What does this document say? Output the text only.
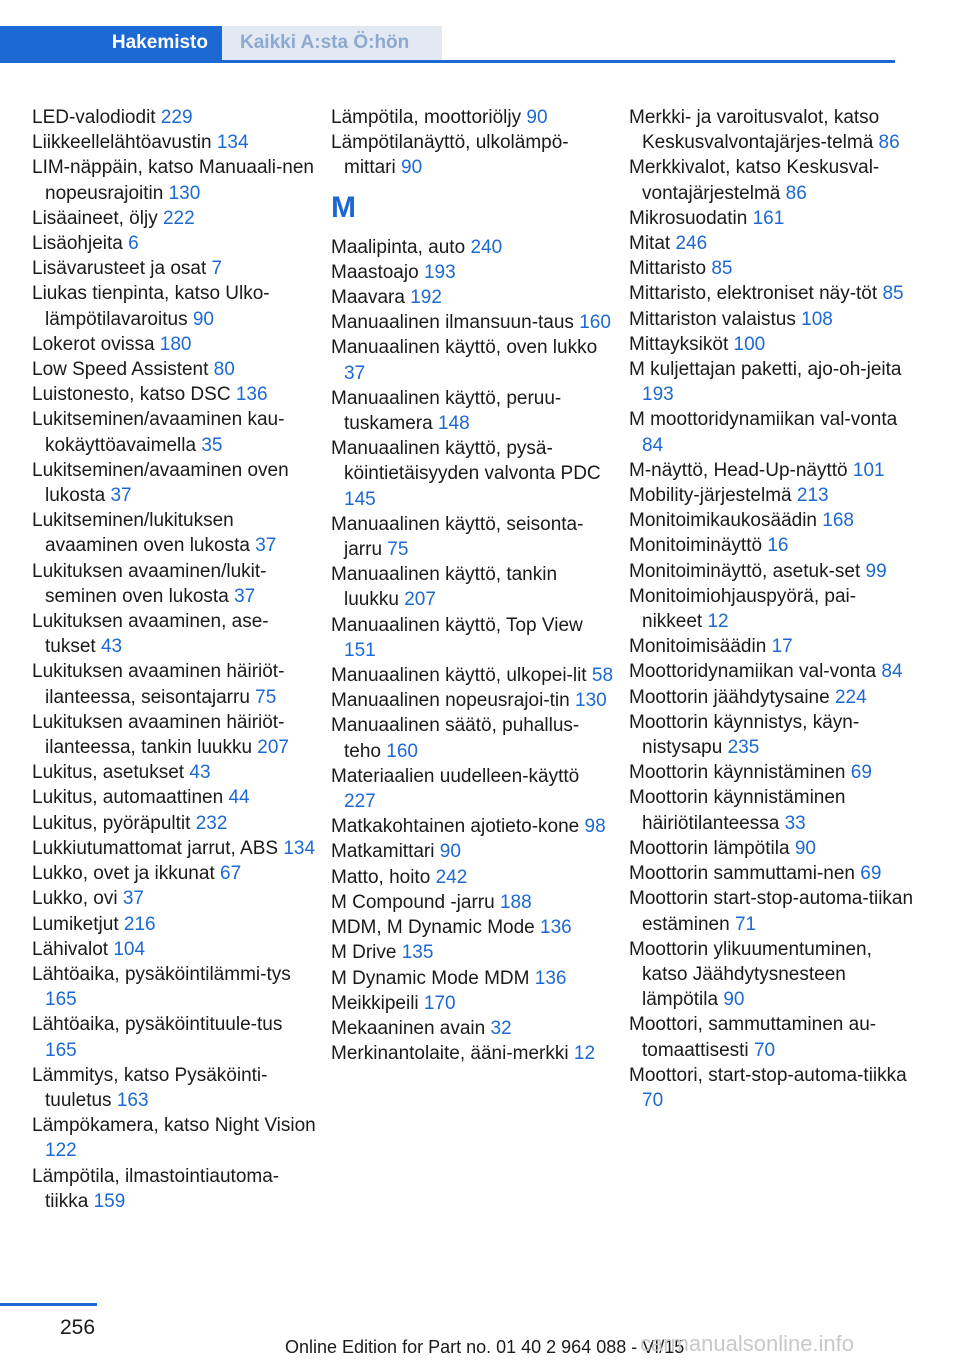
Hakemisto Kaikki A:sta Ö:hön
LED-valodiodit 229
Liikkeellelähtöavustin 134
LIM-näppäin, katso Manuaali-nen nopeusrajoitin 130
Lisäaineet, öljy 222
Lisäohjeita 6
Lisävarusteet ja osat 7
Liukas tienpinta, katso Ulko-lämpötilavaroitus 90
Lokerot ovissa 180
Low Speed Assistent 80
Luistonesto, katso DSC 136
Lukitseminen/avaaminen kau-kokäyttöavaimella 35
Lukitseminen/avaaminen oven lukosta 37
Lukitseminen/lukituksen avaaminen oven lukosta 37
Lukituksen avaaminen/lukit-seminen oven lukosta 37
Lukituksen avaaminen, ase-tukset 43
Lukituksen avaaminen häiriöt-ilanteessa, seisontajarru 75
Lukituksen avaaminen häiriöt-ilanteessa, tankin luukku 207
Lukitus, asetukset 43
Lukitus, automaattinen 44
Lukitus, pyöräpultit 232
Lukkiutumattomat jarrut, ABS 134
Lukko, ovet ja ikkunat 67
Lukko, ovi 37
Lumiketjut 216
Lähivalot 104
Lähtöaika, pysäköintilämmi-tys 165
Lähtöaika, pysäköintituule-tus 165
Lämmitys, katso Pysäköinti-tuuletus 163
Lämpökamera, katso Night Vision 122
Lämpötila, ilmastointiautoma-tiikka 159
Lämpötila, moottoriöljy 90
Lämpötilanäyttö, ulkolämpö-mittari 90
M
Maalipinta, auto 240
Maastoajo 193
Maavara 192
Manuaalinen ilmansuun-taus 160
Manuaalinen käyttö, oven lukko 37
Manuaalinen käyttö, peruu-tuskamera 148
Manuaalinen käyttö, pysä-köintietäisyyden valvonta PDC 145
Manuaalinen käyttö, seisonta-jarru 75
Manuaalinen käyttö, tankin luukku 207
Manuaalinen käyttö, Top View 151
Manuaalinen käyttö, ulkopei-lit 58
Manuaalinen nopeusrajoi-tin 130
Manuaalinen säätö, puhallus-teho 160
Materiaalien uudelleen-käyttö 227
Matkakohtainen ajotieto-kone 98
Matkamittari 90
Matto, hoito 242
M Compound -jarru 188
MDM, M Dynamic Mode 136
M Drive 135
M Dynamic Mode MDM 136
Meikkipeili 170
Mekaaninen avain 32
Merkinantolaite, ääni-merkki 12
Merkki- ja varoitusvalot, katso Keskusvalvontajärjes-telmä 86
Merkkivalot, katso Keskusval-vontajärjestelmä 86
Mikrosuodatin 161
Mitat 246
Mittaristo 85
Mittaristo, elektroniset näy-töt 85
Mittariston valaistus 108
Mittayksiköt 100
M kuljettajan paketti, ajo-oh-jeita 193
M moottoridynamiikan val-vonta 84
M-näyttö, Head-Up-näyttö 101
Mobility-järjestelmä 213
Monitoimikaukosäädin 168
Monitoiminäyttö 16
Monitoiminäyttö, asetuk-set 99
Monitoimiohjauspyörä, pai-nikkeet 12
Monitoimisäädin 17
Moottoridynamiikan val-vonta 84
Moottorin jäähdytysaine 224
Moottorin käynnistys, käyn-nistysapu 235
Moottorin käynnistäminen 69
Moottorin käynnistäminen häiriötilanteessa 33
Moottorin lämpötila 90
Moottorin sammuttami-nen 69
Moottorin start-stop-automa-tiikan estäminen 71
Moottorin ylikuumentuminen, katso Jäähdytysnesteen lämpötila 90
Moottori, sammuttaminen au-tomaattisesti 70
Moottori, start-stop-automa-tiikka 70
256
Online Edition for Part no. 01 40 2 964 088 - VI/15
carmanualsonline.info
